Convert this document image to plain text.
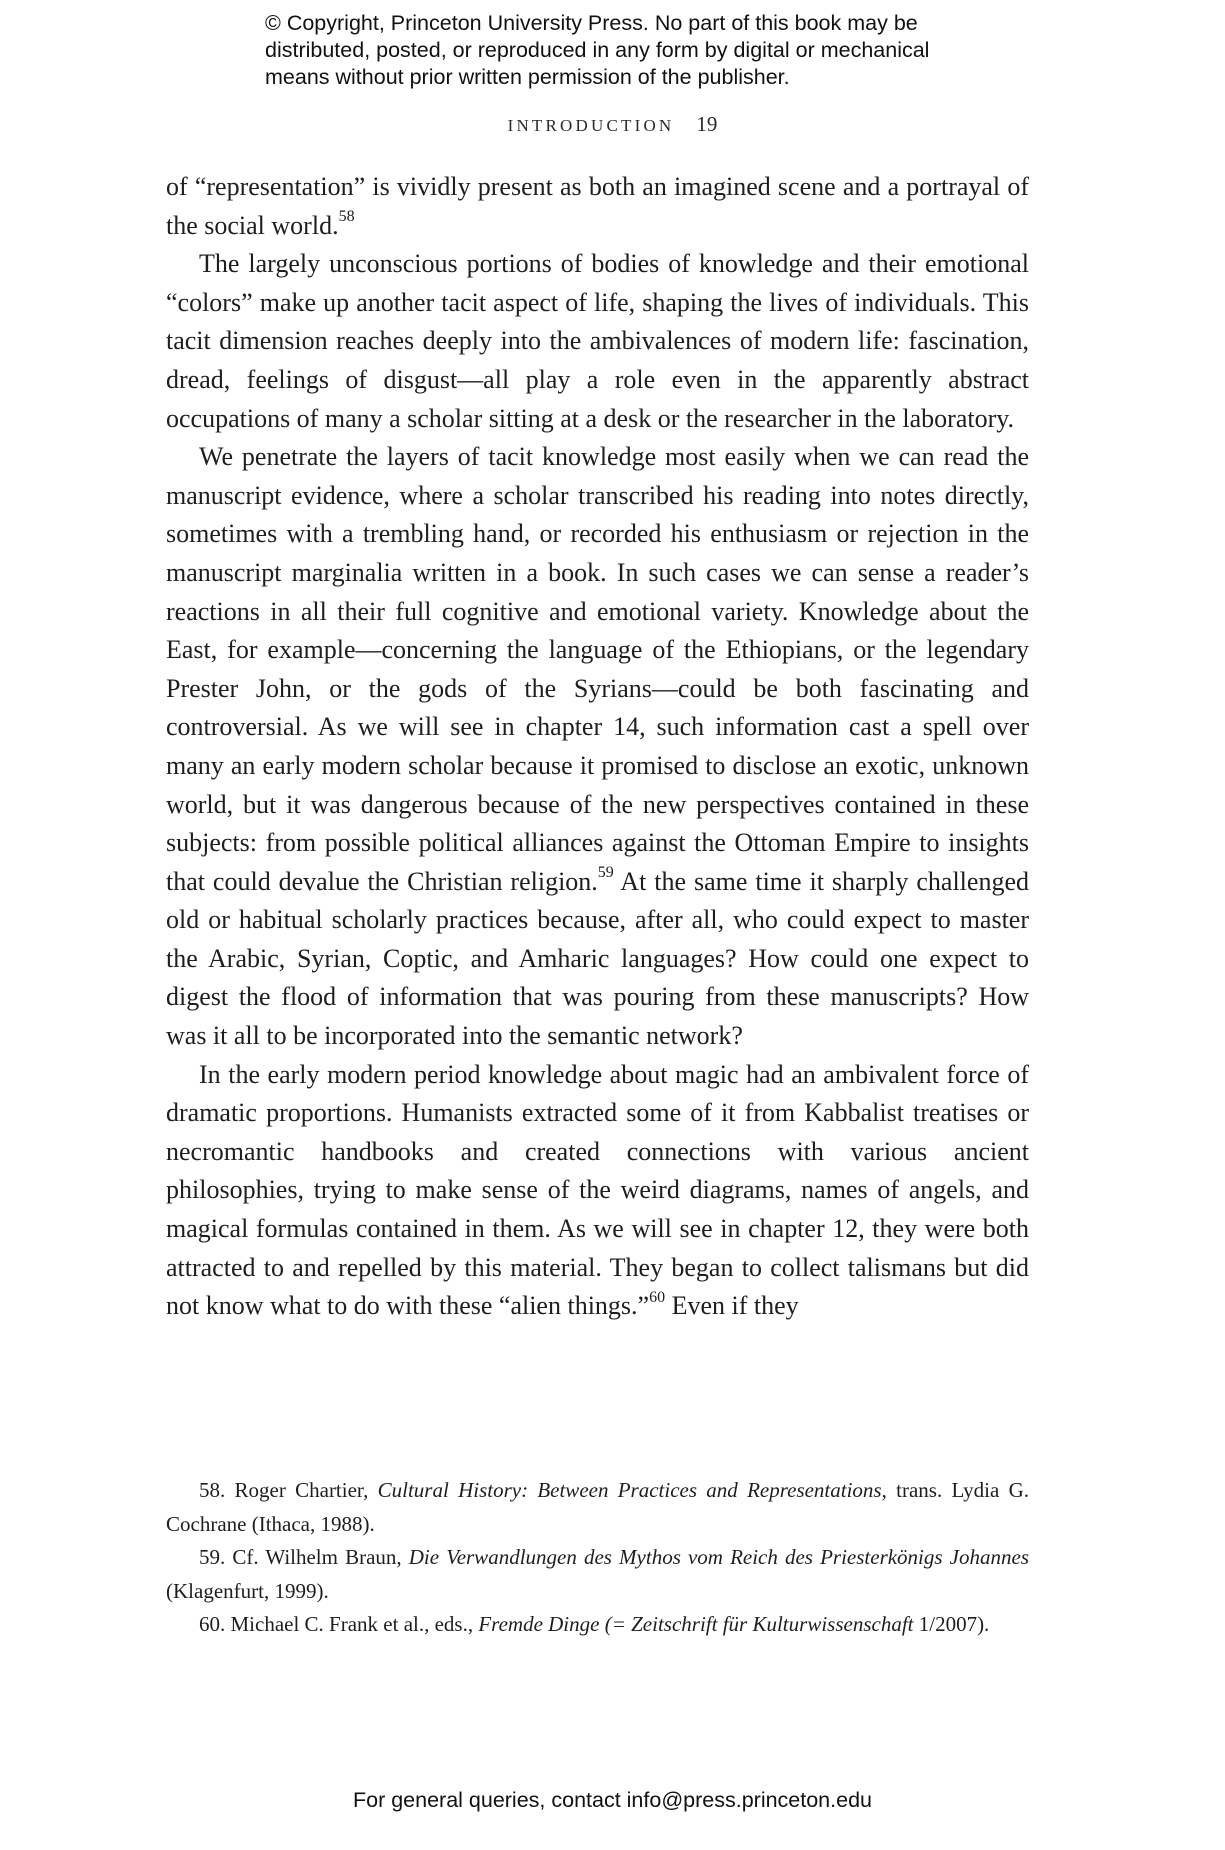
© Copyright, Princeton University Press. No part of this book may be
distributed, posted, or reproduced in any form by digital or mechanical
means without prior written permission of the publisher.
INTRODUCTION 19

of “representation” is vividly present as both an imagined scene and a portrayal of the social world.$^{58}$

The largely unconscious portions of bodies of knowledge and their emotional “colors” make up another tacit aspect of life, shaping the lives of individuals. This tacit dimension reaches deeply into the ambivalences of modern life: fascination, dread, feelings of disgust—all play a role even in the apparently abstract occupations of many a scholar sitting at a desk or the researcher in the laboratory.

We penetrate the layers of tacit knowledge most easily when we can read the manuscript evidence, where a scholar transcribed his reading into notes directly, sometimes with a trembling hand, or recorded his enthusiasm or rejection in the manuscript marginalia written in a book. In such cases we can sense a reader’s reactions in all their full cognitive and emotional variety. Knowledge about the East, for example—concerning the language of the Ethiopians, or the legendary Prester John, or the gods of the Syrians—could be both fascinating and controversial. As we will see in chapter 14, such information cast a spell over many an early modern scholar because it promised to disclose an exotic, unknown world, but it was dangerous because of the new perspectives contained in these subjects: from possible political alliances against the Ottoman Empire to insights that could devalue the Christian religion.$^{59}$ At the same time it sharply challenged old or habitual scholarly practices because, after all, who could expect to master the Arabic, Syrian, Coptic, and Amharic languages? How could one expect to digest the flood of information that was pouring from these manuscripts? How was it all to be incorporated into the semantic network?

In the early modern period knowledge about magic had an ambivalent force of dramatic proportions. Humanists extracted some of it from Kabbalist treatises or necromantic handbooks and created connections with various ancient philosophies, trying to make sense of the weird diagrams, names of angels, and magical formulas contained in them. As we will see in chapter 12, they were both attracted to and repelled by this material. They began to collect talismans but did not know what to do with these “alien things.”$^{60}$ Even if they

58. Roger Chartier, Cultural History: Between Practices and Representations, trans. Lydia G. Cochrane (Ithaca, 1988).

59. Cf. Wilhelm Braun, Die Verwandlungen des Mythos vom Reich des Priesterkönigs Johannes (Klagenfurt, 1999).

60. Michael C. Frank et al., eds., Fremde Dinge (= Zeitschrift für Kulturwissenschaft 1/2007).

For general queries, contact info@press.princeton.edu
